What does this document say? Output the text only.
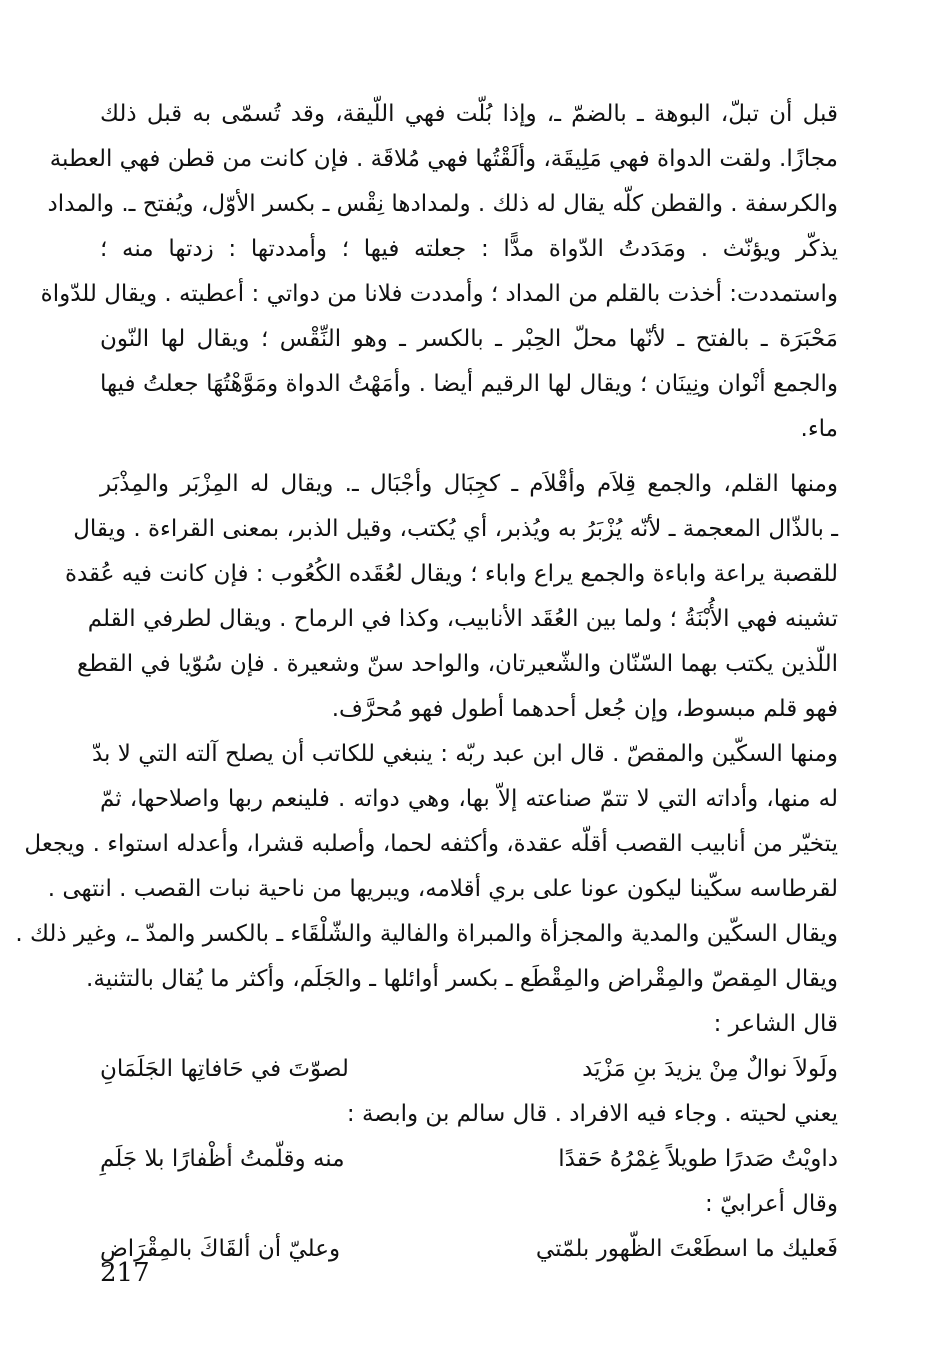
قبل أن تبلّ، البوهة ـ بالضمّ ـ، وإذا بُلّت فهي اللّيقة، وقد تُسمّى به قبل ذلك
مجازًا. ولقت الدواة فهي مَلِيقَة، وألَقْتُها فهي مُلاقَة . فإن كانت من قطن فهي العطبة
والكرسفة . والقطن كلّه يقال له ذلك . ولمدادها نِقْس ـ بكسر الأوّل، ويُفتح ـ. والمداد
يذكّر ويؤنّث . ومَدَدتُ الدّواة مدًّا : جعلته فيها ؛ وأمددتها : زدتها منه ؛
واستمددت: أخذت بالقلم من المداد ؛ وأمددت فلانا من دواتي : أعطيته . ويقال للدّواة
مَحْبَرَة ـ بالفتح ـ لأنّها محلّ الحِبْر ـ بالكسر ـ وهو النِّقْس ؛ ويقال لها النّون
والجمع أنْوان ونِينَان ؛ ويقال لها الرقيم أيضا . وأمَهْتُ الدواة ومَوَّهْتُهَا جعلتُ فيها
ماء.
ومنها القلم، والجمع قِلاَم وأقْلاَم ـ كجِبَال وأجْبَال ـ. ويقال له المِزْبَر والمِذْبَر
ـ بالذّال المعجمة ـ لأنّه يُزْبَرُ به ويُذبر، أي يُكتب، وقيل الذبر، بمعنى القراءة . ويقال
للقصبة يراعة واباءة والجمع يراع واباء ؛ ويقال لعُقَده الكُعُوب : فإن كانت فيه عُقدة
تشينه فهي الأُبْنَةُ ؛ ولما بين العُقَد الأنابيب، وكذا في الرماح . ويقال لطرفي القلم
اللّذين يكتب بهما السّنّان والشّعيرتان، والواحد سنّ وشعيرة . فإن سُوّيا في القطع
فهو قلم مبسوط، وإن جُعل أحدهما أطول فهو مُحرَّف.
ومنها السكّين والمقصّ . قال ابن عبد ربّه : ينبغي للكاتب أن يصلح آلته التي لا بدّ
له منها، وأداته التي لا تتمّ صناعته إلاّ بها، وهي دواته . فلينعم ربها واصلاحها، ثمّ
يتخيّر من أنابيب القصب أقلّه عقدة، وأكثفه لحما، وأصلبه قشرا، وأعدله استواء . ويجعل
لقرطاسه سكّينا ليكون عونا على بري أقلامه، ويبريها من ناحية نبات القصب . انتهى .
ويقال السكّين والمدية والمجزأة والمبراة والفالية والشّلْقَاء ـ بالكسر والمدّ ـ، وغير ذلك .
ويقال المِقصّ والمِقْراض والمِقْطَع ـ بكسر أوائلها ـ والجَلَم، وأكثر ما يُقال بالتثنية.
قال الشاعر :
ولَولاَ نوالٌ مِنْ يزيدَ بنِ مَزْيَد
لصوّتَ في حَافاتِها الجَلَمَانِ
يعني لحيته . وجاء فيه الافراد . قال سالم بن وابصة :
داويْتُ صَدرًا طويلاً غِمْرُهُ حَقدًا
منه وقلّمتُ أظْفارًا بلا جَلَمِ
وقال أعرابيّ :
فَعليك ما اسطَعْتَ الظّهور بلمّتي
وعليّ أن ألقَاكَ بالمِقْرَاضِ
217
